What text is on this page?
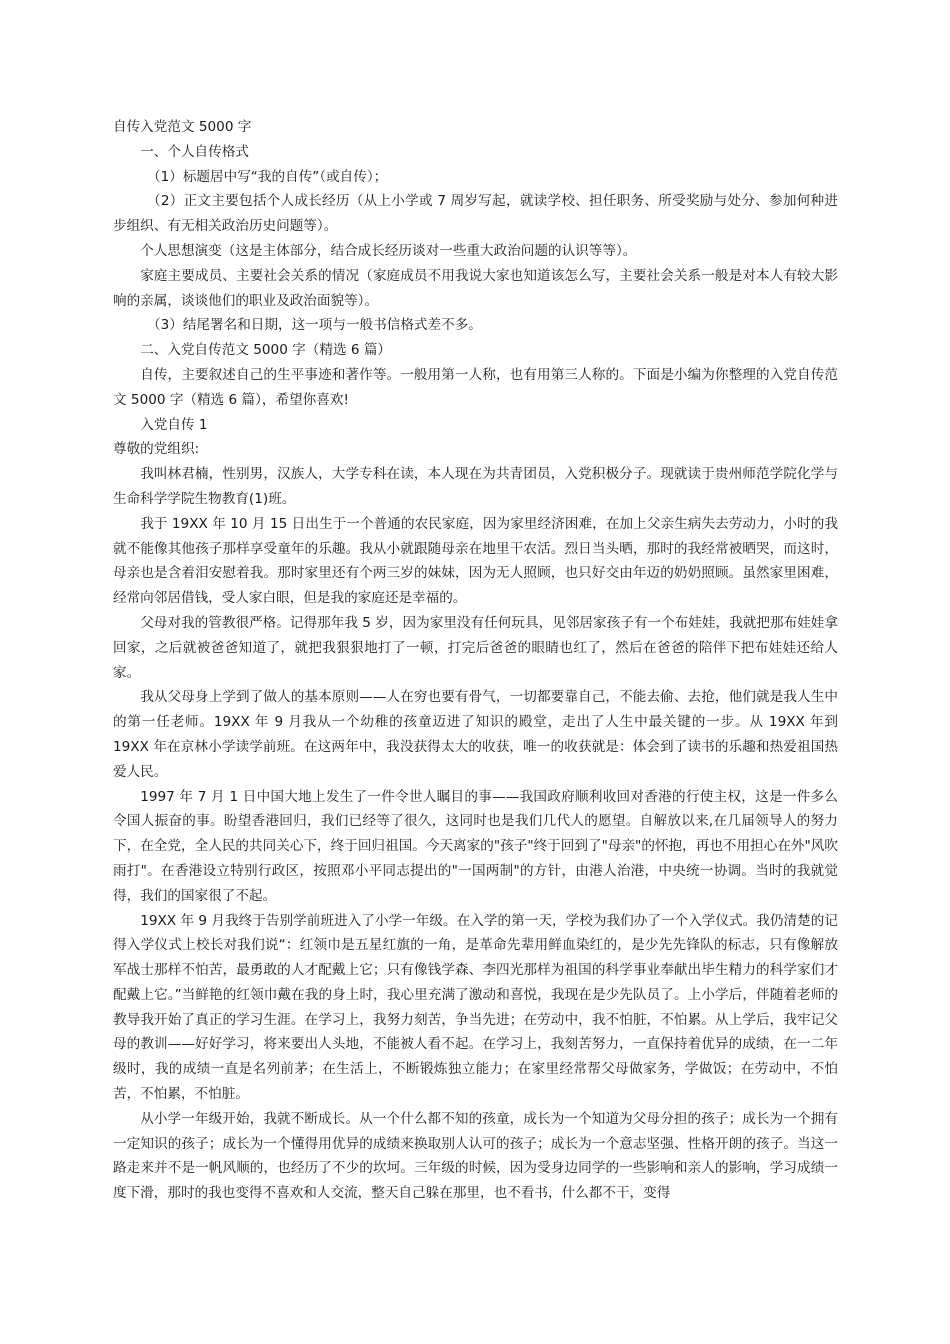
自传入党范文 5000 字

一、个人自传格式

（1）标题居中写“我的自传”（或自传）；

（2）正文主要包括个人成长经历（从上小学或 7 周岁写起，就读学校、担任职务、所受奖励与处分、参加何种进步组织、有无相关政治历史问题等）。

个人思想演变（这是主体部分，结合成长经历谈对一些重大政治问题的认识等等）。

家庭主要成员、主要社会关系的情况（家庭成员不用我说大家也知道该怎么写，主要社会关系一般是对本人有较大影响的亲属，谈谈他们的职业及政治面貌等）。

（3）结尾署名和日期，这一项与一般书信格式差不多。

二、入党自传范文 5000 字（精选 6 篇）

自传，主要叙述自己的生平事迹和著作等。一般用第一人称，也有用第三人称的。下面是小编为你整理的入党自传范文 5000 字（精选 6 篇），希望你喜欢!

入党自传 1

尊敬的党组织:

我叫林君楠，性别男，汉族人，大学专科在读，本人现在为共青团员，入党积极分子。现就读于贵州师范学院化学与生命科学学院生物教育(1)班。

我于 19XX 年 10 月 15 日出生于一个普通的农民家庭，因为家里经济困难，在加上父亲生病失去劳动力，小时的我就不能像其他孩子那样享受童年的乐趣。我从小就跟随母亲在地里干农活。烈日当头晒，那时的我经常被晒哭，而这时，母亲也是含着泪安慰着我。那时家里还有个两三岁的妹妹，因为无人照顾，也只好交由年迈的奶奶照顾。虽然家里困难，经常向邻居借钱，受人家白眼，但是我的家庭还是幸福的。

父母对我的管教很严格。记得那年我 5 岁，因为家里没有任何玩具，见邻居家孩子有一个布娃娃，我就把那布娃娃拿回家，之后就被爸爸知道了，就把我狠狠地打了一顿，打完后爸爸的眼睛也红了，然后在爸爸的陪伴下把布娃娃还给人家。

我从父母身上学到了做人的基本原则——人在穷也要有骨气，一切都要靠自己，不能去偷、去抢，他们就是我人生中的第一任老师。19XX 年 9 月我从一个幼稚的孩童迈进了知识的殿堂，走出了人生中最关键的一步。从 19XX 年到 19XX 年在京林小学读学前班。在这两年中，我没获得太大的收获，唯一的收获就是：体会到了读书的乐趣和热爱祖国热爱人民。

1997 年 7 月 1 日中国大地上发生了一件令世人瞩目的事——我国政府顺利收回对香港的行使主权，这是一件多么令国人振奋的事。盼望香港回归，我们已经等了很久，这同时也是我们几代人的愿望。自解放以来,在几届领导人的努力下，在全党，全人民的共同关心下，终于回归祖国。今天离家的"孩子"终于回到了"母亲"的怀抱，再也不用担心在外"风吹雨打"。在香港设立特别行政区，按照邓小平同志提出的"一国两制"的方针，由港人治港，中央统一协调。当时的我就觉得，我们的国家很了不起。

19XX 年 9 月我终于告别学前班进入了小学一年级。在入学的第一天，学校为我们办了一个入学仪式。我仍清楚的记得入学仪式上校长对我们说“：红领巾是五星红旗的一角，是革命先辈用鲜血染红的，是少先先锋队的标志，只有像解放军战士那样不怕苦，最勇敢的人才配戴上它；只有像钱学森、李四光那样为祖国的科学事业奉献出毕生精力的科学家们才配戴上它。”当鲜艳的红领巾戴在我的身上时，我心里充满了激动和喜悦，我现在是少先队员了。上小学后，伴随着老师的教导我开始了真正的学习生涯。在学习上，我努力刻苦，争当先进；在劳动中，我不怕脏，不怕累。从上学后，我牢记父母的教训——好好学习，将来要出人头地，不能被人看不起。在学习上，我刻苦努力，一直保持着优异的成绩，在一二年级时，我的成绩一直是名列前茅；在生活上，不断锻炼独立能力；在家里经常帮父母做家务，学做饭；在劳动中，不怕苦，不怕累，不怕脏。

从小学一年级开始，我就不断成长。从一个什么都不知的孩童，成长为一个知道为父母分担的孩子；成长为一个拥有一定知识的孩子；成长为一个懂得用优异的成绩来换取别人认可的孩子；成长为一个意志坚强、性格开朗的孩子。当这一路走来并不是一帆风顺的，也经历了不少的坎坷。三年级的时候，因为受身边同学的一些影响和亲人的影响，学习成绩一度下滑，那时的我也变得不喜欢和人交流，整天自己躲在那里，也不看书，什么都不干，变得
